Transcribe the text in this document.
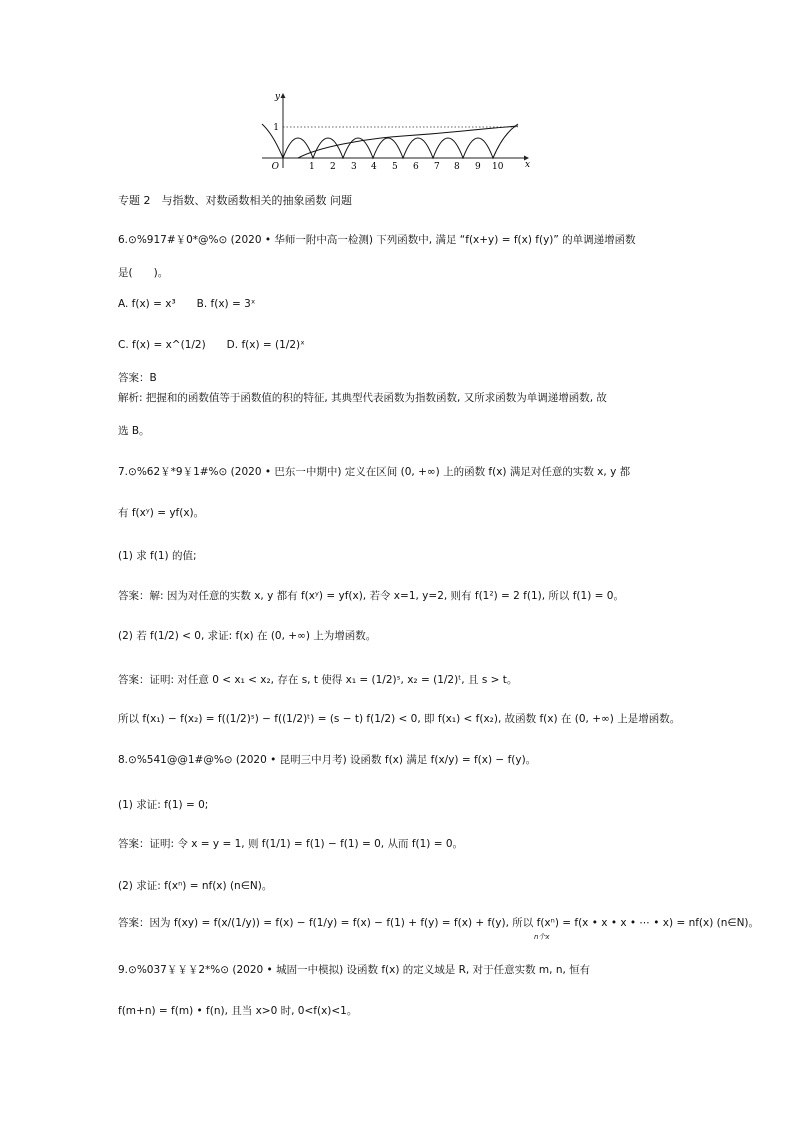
y
1
O	x
1 2 3 4 5 6 7 8 9 10
专题 2　与指数、对数函数相关的抽象函数 问题
6.⊙%917#￥0*@%⊙ (2020 • 华师一附中高一检测) 下列函数中, 满足 “f(x+y) = f(x) f(y)” 的单调递增函数
是(　　)。
A. f(x) = x³　　B. f(x) = 3ˣ
C. f(x) = x^(1/2)　　D. f(x) = (1/2)ˣ
答案：B
解析: 把握和的函数值等于函数值的积的特征, 其典型代表函数为指数函数, 又所求函数为单调递增函数, 故
选 B。
7.⊙%62￥*9￥1#%⊙ (2020 • 巴东一中期中) 定义在区间 (0, +∞) 上的函数 f(x) 满足对任意的实数 x, y 都
有 f(xʸ) = yf(x)。
(1) 求 f(1) 的值;
答案：解: 因为对任意的实数 x, y 都有 f(xʸ) = yf(x), 若令 x=1, y=2, 则有 f(1²) = 2 f(1), 所以 f(1) = 0。
(2) 若 f(1/2) < 0, 求证: f(x) 在 (0, +∞) 上为增函数。
答案：证明: 对任意 0 < x₁ < x₂, 存在 s, t 使得 x₁ = (1/2)ˢ, x₂ = (1/2)ᵗ, 且 s > t。
所以 f(x₁) − f(x₂) = f((1/2)ˢ) − f((1/2)ᵗ) = (s − t) f(1/2) < 0, 即 f(x₁) < f(x₂), 故函数 f(x) 在 (0, +∞) 上是增函数。
8.⊙%541@@1#@%⊙ (2020 • 昆明三中月考) 设函数 f(x) 满足 f(x/y) = f(x) − f(y)。
(1) 求证: f(1) = 0;
答案：证明: 令 x = y = 1, 则 f(1/1) = f(1) − f(1) = 0, 从而 f(1) = 0。
(2) 求证: f(xⁿ) = nf(x) (n∈N)。
答案：因为 f(xy) = f(x/(1/y)) = f(x) − f(1/y) = f(x) − f(1) + f(y) = f(x) + f(y), 所以 f(xⁿ) = f(x • x • x • ⋯ • x) = nf(x) (n∈N)。
n个x
9.⊙%037￥￥￥2*%⊙ (2020 • 城固一中模拟) 设函数 f(x) 的定义域是 R, 对于任意实数 m, n, 恒有
f(m+n) = f(m) • f(n), 且当 x>0 时, 0<f(x)<1。
